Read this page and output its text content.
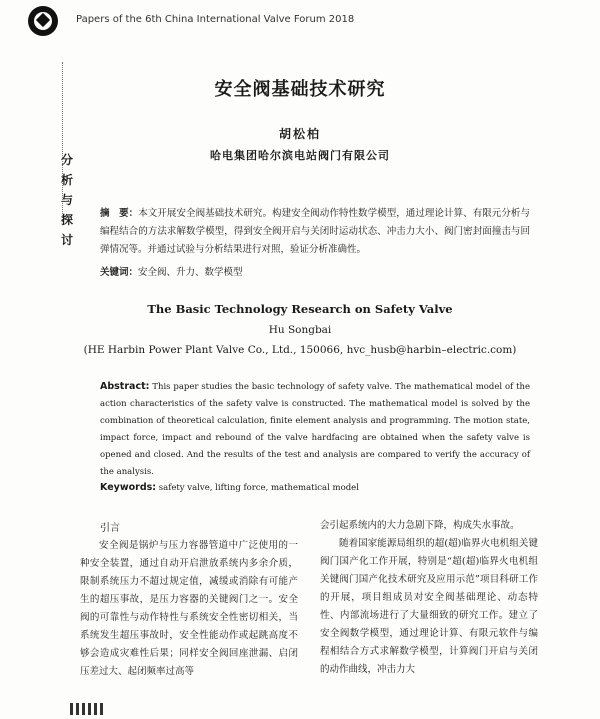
Papers of the 6th China International Valve Forum 2018
分
析
与
探
讨
安全阀基础技术研究
胡松柏
哈电集团哈尔滨电站阀门有限公司
摘　要：本文开展安全阀基础技术研究。构建安全阀动作特性数学模型，通过理论计算、有限元分析与编程结合的方法求解数学模型，得到安全阀开启与关闭时运动状态、冲击力大小、阀门密封面撞击与回弹情况等。并通过试验与分析结果进行对照，验证分析准确性。
关键词：安全阀、升力、数学模型
The Basic Technology Research on Safety Valve
Hu Songbai
(HE Harbin Power Plant Valve Co., Ltd., 150066, hvc_husb@harbin–electric.com)
Abstract: This paper studies the basic technology of safety valve. The mathematical model of the action characteristics of the safety valve is constructed. The mathematical model is solved by the combination of theoretical calculation, finite element analysis and programming. The motion state, impact force, impact and rebound of the valve hardfacing are obtained when the safety valve is opened and closed. And the results of the test and analysis are compared to verify the accuracy of the analysis.
Keywords: safety valve, lifting force, mathematical model
引言

安全阀是锅炉与压力容器管道中广泛使用的一种安全装置，通过自动开启泄放系统内多余介质，限制系统压力不超过规定值，减缓或消除有可能产生的超压事故，是压力容器的关键阀门之一。安全阀的可靠性与动作特性与系统安全性密切相关，当系统发生超压事故时，安全性能动作或起跳高度不够会造成灾难性后果；同样安全阀回座泄漏、启闭压差过大、起闭频率过高等

会引起系统内的大力急剧下降，构成失水事故。

随着国家能源局组织的超(超)临界火电机组关键阀门国产化工作开展，特别是“超(超)临界火电机组关键阀门国产化技术研究及应用示范”项目科研工作的开展，项目组成员对安全阀基础理论、动态特性、内部流场进行了大量细致的研究工作。建立了安全阀数学模型，通过理论计算、有限元软件与编程相结合方式求解数学模型，计算阀门开启与关闭的动作曲线，冲击力大
